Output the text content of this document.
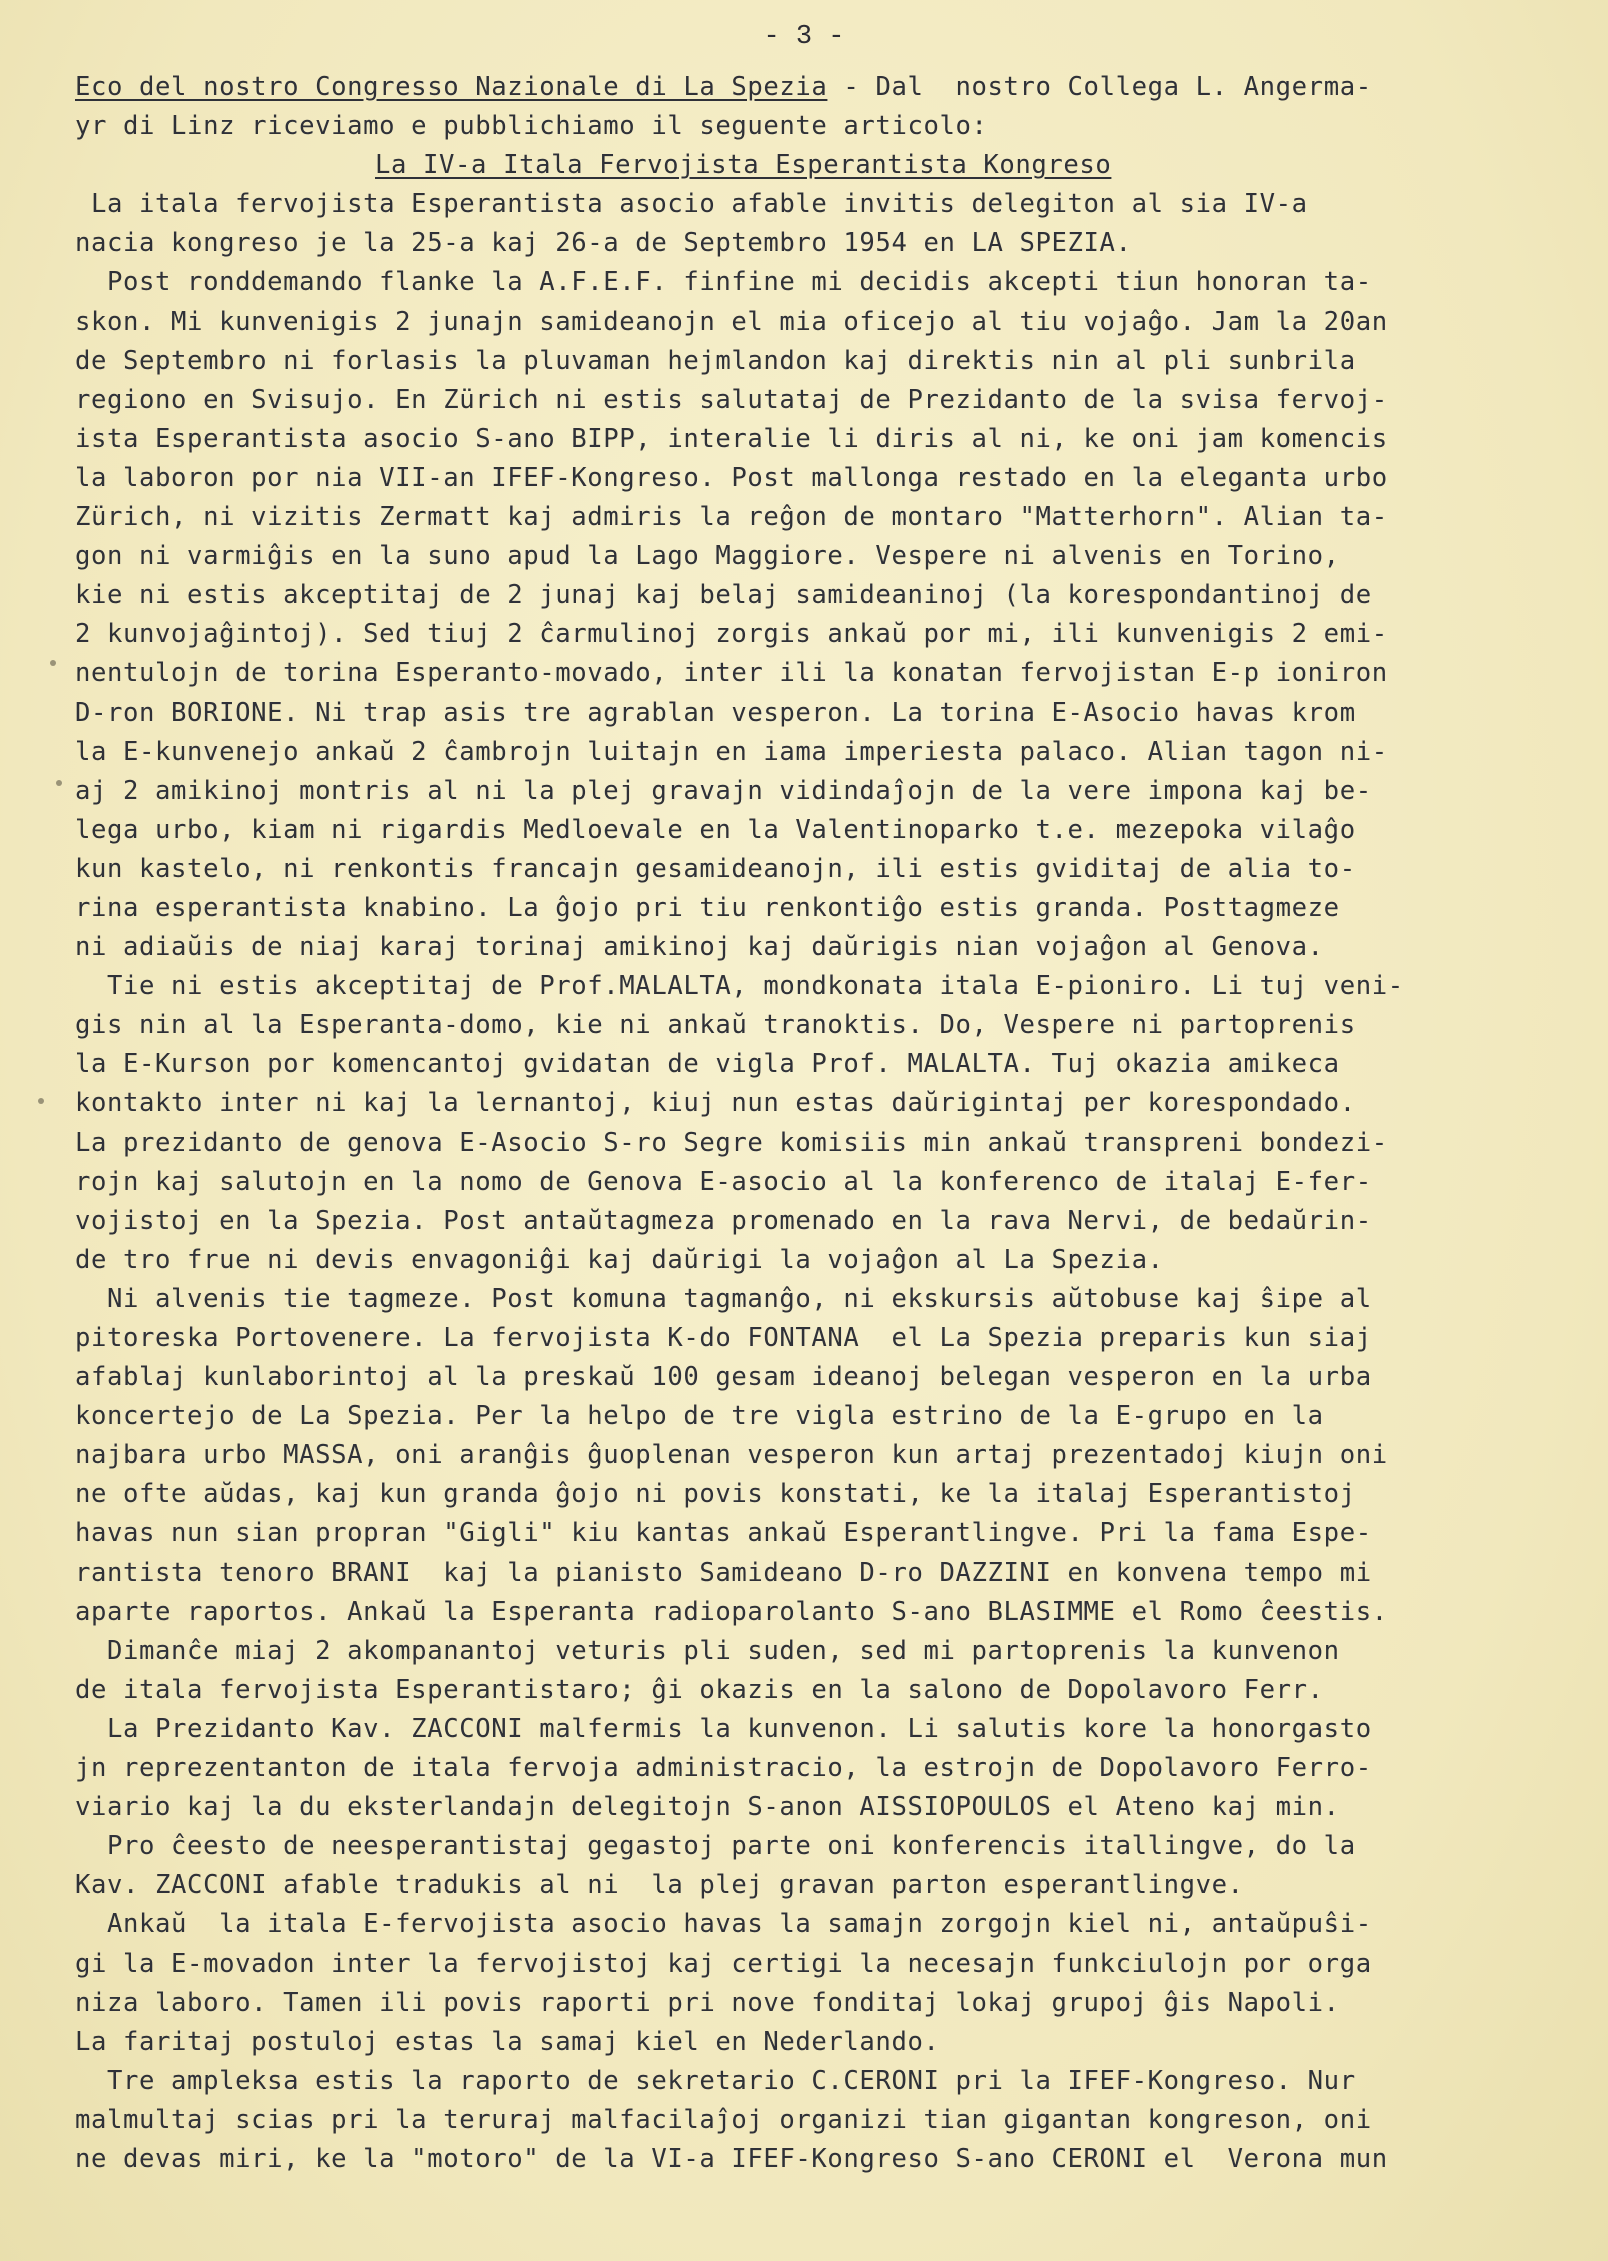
- 3 -
Eco del nostro Congresso Nazionale di La Spezia - Dal  nostro Collega L. Angerma-
yr di Linz riceviamo e pubblichiamo il seguente articolo:
La IV-a Itala Fervojista Esperantista Kongreso
La itala fervojista Esperantista asocio afable invitis delegiton al sia IV-a
nacia kongreso je la 25-a kaj 26-a de Septembro 1954 en LA SPEZIA.
Post ronddemando flanke la A.F.E.F. finfine mi decidis akcepti tiun honoran ta-
skon. Mi kunvenigis 2 junajn samideanojn el mia oficejo al tiu vojaĝo. Jam la 20an
de Septembro ni forlasis la pluvaman hejmlandon kaj direktis nin al pli sunbrila
regiono en Svisujo. En Zürich ni estis salutataj de Prezidanto de la svisa fervoj-
ista Esperantista asocio S-ano BIPP, interalie li diris al ni, ke oni jam komencis
la laboron por nia VII-an IFEF-Kongreso. Post mallonga restado en la eleganta urbo
Zürich, ni vizitis Zermatt kaj admiris la reĝon de montaro "Matterhorn". Alian ta-
gon ni varmiĝis en la suno apud la Lago Maggiore. Vespere ni alvenis en Torino,
kie ni estis akceptitaj de 2 junaj kaj belaj samideaninoj (la korespondantinoj de
2 kunvojaĝintoj). Sed tiuj 2 ĉarmulinoj zorgis ankaŭ por mi, ili kunvenigis 2 emi-
nentulojn de torina Esperanto-movado, inter ili la konatan fervojistan E-p ioniron
D-ron BORIONE. Ni trap asis tre agrablan vesperon. La torina E-Asocio havas krom
la E-kunvenejo ankaŭ 2 ĉambrojn luitajn en iama imperiesta palaco. Alian tagon ni-
aj 2 amikinoj montris al ni la plej gravajn vidindaĵojn de la vere impona kaj be-
lega urbo, kiam ni rigardis Medloevale en la Valentinoparko t.e. mezepoka vilaĝo
kun kastelo, ni renkontis francajn gesamideanojn, ili estis gviditaj de alia to-
rina esperantista knabino. La ĝojo pri tiu renkontiĝo estis granda. Posttagmeze
ni adiaŭis de niaj karaj torinaj amikinoj kaj daŭrigis nian vojaĝon al Genova.
Tie ni estis akceptitaj de Prof.MALALTA, mondkonata itala E-pioniro. Li tuj veni-
gis nin al la Esperanta-domo, kie ni ankaŭ tranoktis. Do, Vespere ni partoprenis
la E-Kurson por komencantoj gvidatan de vigla Prof. MALALTA. Tuj okazia amikeca
kontakto inter ni kaj la lernantoj, kiuj nun estas daŭrigintaj per korespondado.
La prezidanto de genova E-Asocio S-ro Segre komisiis min ankaŭ transpreni bondezi-
rojn kaj salutojn en la nomo de Genova E-asocio al la konferenco de italaj E-fer-
vojistoj en la Spezia. Post antaŭtagmeza promenado en la rava Nervi, de bedaŭrin-
de tro frue ni devis envagoniĝi kaj daŭrigi la vojaĝon al La Spezia.
Ni alvenis tie tagmeze. Post komuna tagmanĝo, ni ekskursis aŭtobuse kaj ŝipe al
pitoreska Portovenere. La fervojista K-do FONTANA  el La Spezia preparis kun siaj
afablaj kunlaborintoj al la preskaŭ 100 gesam ideanoj belegan vesperon en la urba
koncertejo de La Spezia. Per la helpo de tre vigla estrino de la E-grupo en la
najbara urbo MASSA, oni aranĝis ĝuoplenan vesperon kun artaj prezentadoj kiujn oni
ne ofte aŭdas, kaj kun granda ĝojo ni povis konstati, ke la italaj Esperantistoj
havas nun sian propran "Gigli" kiu kantas ankaŭ Esperantlingve. Pri la fama Espe-
rantista tenoro BRANI  kaj la pianisto Samideano D-ro DAZZINI en konvena tempo mi
aparte raportos. Ankaŭ la Esperanta radioparolanto S-ano BLASIMME el Romo ĉeestis.
Dimanĉe miaj 2 akompanantoj veturis pli suden, sed mi partoprenis la kunvenon
de itala fervojista Esperantistaro; ĝi okazis en la salono de Dopolavoro Ferr.
La Prezidanto Kav. ZACCONI malfermis la kunvenon. Li salutis kore la honorgasto
jn reprezentanton de itala fervoja administracio, la estrojn de Dopolavoro Ferro-
viario kaj la du eksterlandajn delegitojn S-anon AISSIOPOULOS el Ateno kaj min.
Pro ĉeesto de neesperantistaj gegastoj parte oni konferencis itallingve, do la
Kav. ZACCONI afable tradukis al ni  la plej gravan parton esperantlingve.
Ankaŭ  la itala E-fervojista asocio havas la samajn zorgojn kiel ni, antaŭpuŝi-
gi la E-movadon inter la fervojistoj kaj certigi la necesajn funkciulojn por orga
niza laboro. Tamen ili povis raporti pri nove fonditaj lokaj grupoj ĝis Napoli.
La faritaj postuloj estas la samaj kiel en Nederlando.
Tre ampleksa estis la raporto de sekretario C.CERONI pri la IFEF-Kongreso. Nur
malmultaj scias pri la teruraj malfacilaĵoj organizi tian gigantan kongreson, oni
ne devas miri, ke la "motoro" de la VI-a IFEF-Kongreso S-ano CERONI el  Verona mun
